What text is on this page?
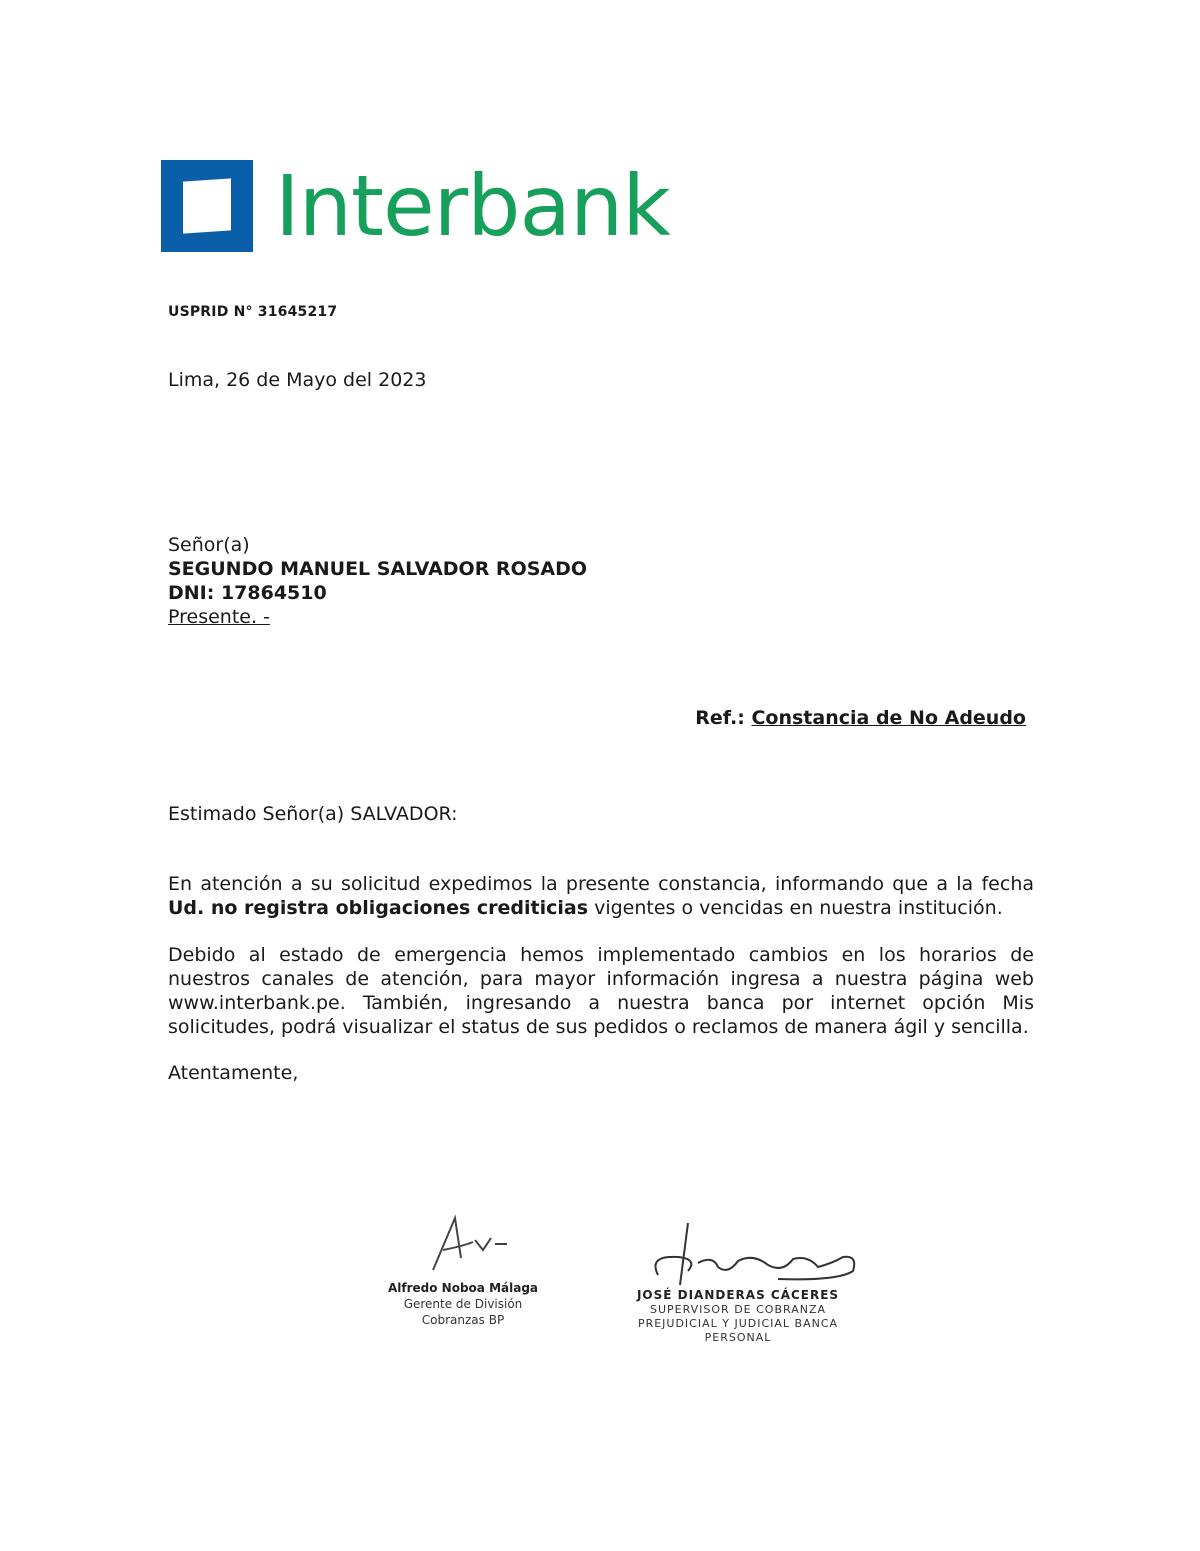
Interbank
USPRID N° 31645217
Lima, 26 de Mayo del 2023
Señor(a)
SEGUNDO MANUEL SALVADOR ROSADO
DNI: 17864510
Presente. -
Ref.: Constancia de No Adeudo
Estimado Señor(a) SALVADOR:
En atención a su solicitud expedimos la presente constancia, informando que a la fecha Ud. no registra obligaciones crediticias vigentes o vencidas en nuestra institución.
Debido al estado de emergencia hemos implementado cambios en los horarios de nuestros canales de atención, para mayor información ingresa a nuestra página web www.interbank.pe. También, ingresando a nuestra banca por internet opción Mis solicitudes, podrá visualizar el status de sus pedidos o reclamos de manera ágil y sencilla.
Atentamente,
Alfredo Noboa Málaga
Gerente de División
Cobranzas BP
JOSÉ DIANDERAS CÁCERES
SUPERVISOR DE COBRANZA
PREJUDICIAL Y JUDICIAL BANCA
PERSONAL
